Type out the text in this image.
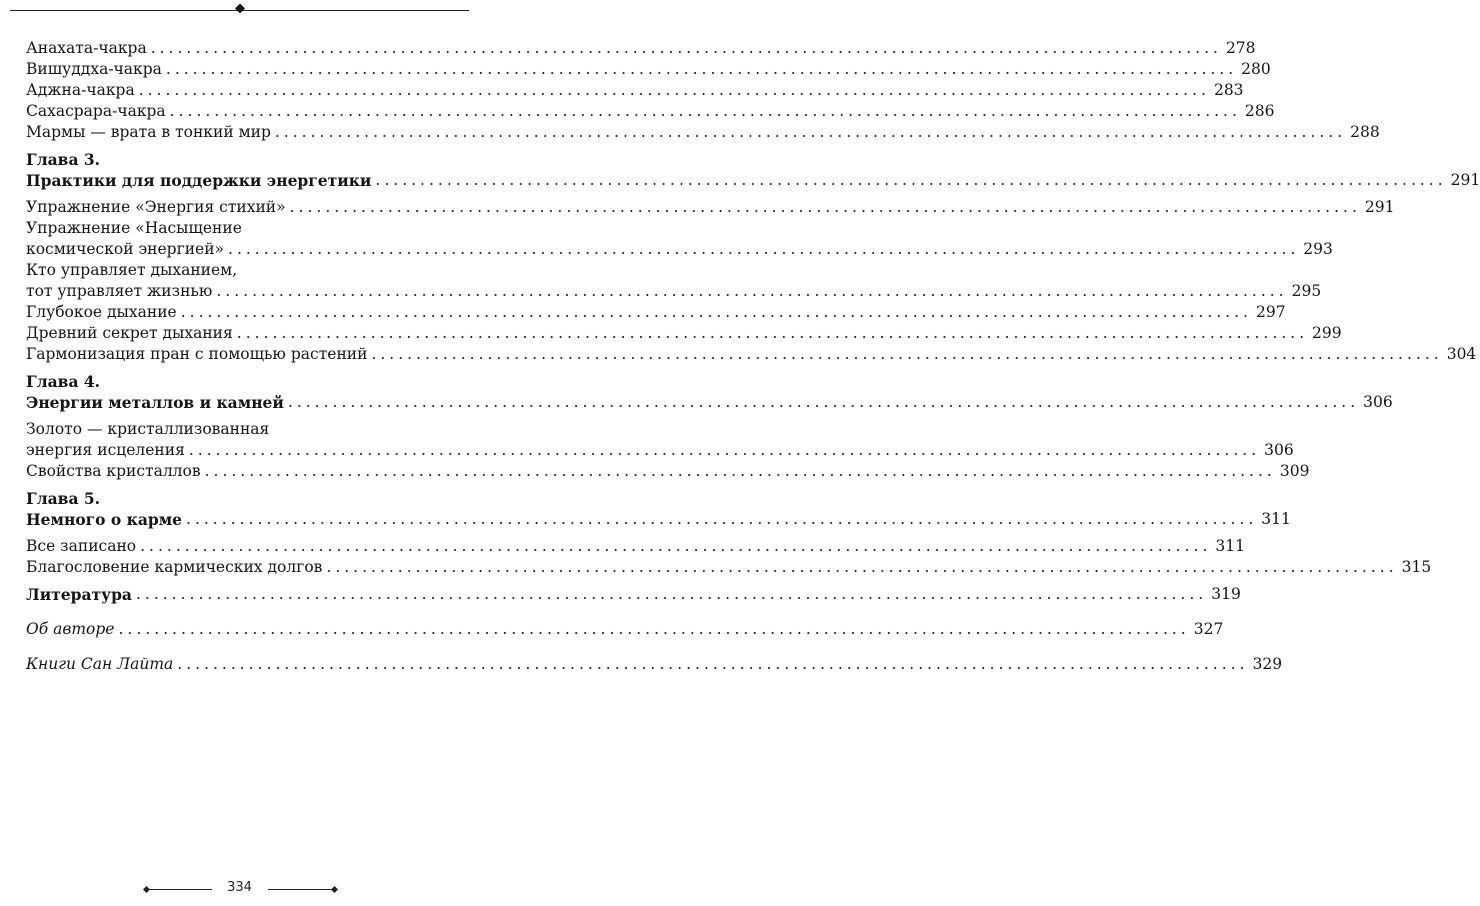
Анахата-чакра ........................................................................................................................ 278
Вишуддха-чакра ........................................................................................................................ 280
Аджна-чакра ........................................................................................................................ 283
Сахасрара-чакра ........................................................................................................................ 286
Мармы — врата в тонкий мир ........................................................................................................................ 288
Глава 3.
Практики для поддержки энергетики ........................................................................................................................ 291
Упражнение «Энергия стихий» ........................................................................................................................ 291
Упражнение «Насыщение
космической энергией» ........................................................................................................................ 293
Кто управляет дыханием,
тот управляет жизнью ........................................................................................................................ 295
Глубокое дыхание ........................................................................................................................ 297
Древний секрет дыхания ........................................................................................................................ 299
Гармонизация пран с помощью растений ........................................................................................................................ 304
Глава 4.
Энергии металлов и камней ........................................................................................................................ 306
Золото — кристаллизованная
энергия исцеления ........................................................................................................................ 306
Свойства кристаллов ........................................................................................................................ 309
Глава 5.
Немного о карме ........................................................................................................................ 311
Все записано ........................................................................................................................ 311
Благословение кармических долгов ........................................................................................................................ 315
Литература ........................................................................................................................ 319
Об авторе ........................................................................................................................ 327
Книги Сан Лайта ........................................................................................................................ 329
334
